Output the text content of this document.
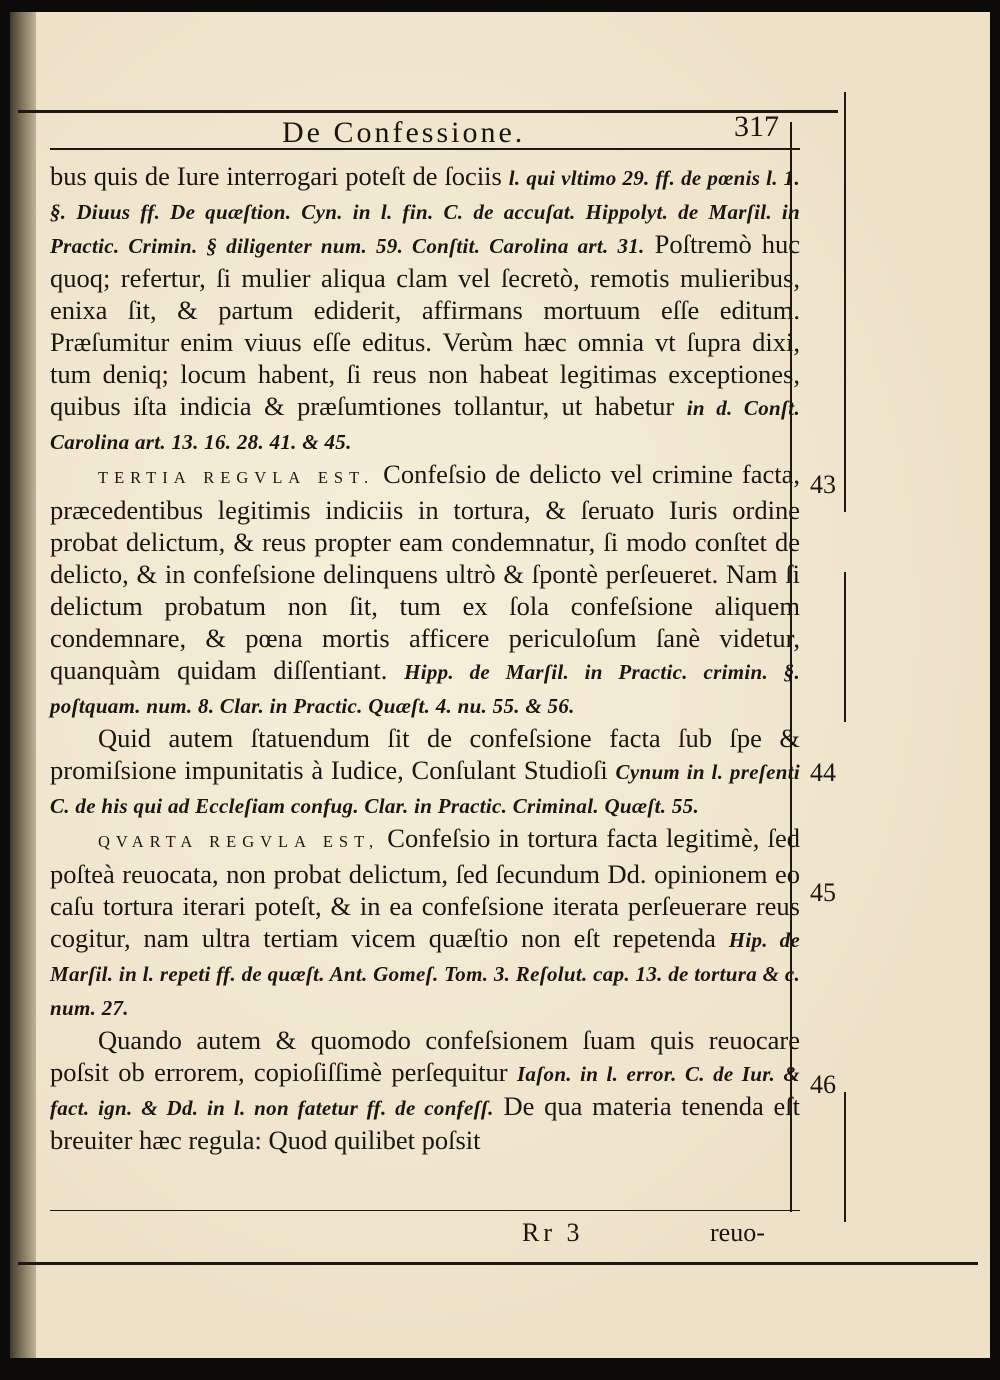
De Confessione.	317

bus quis de Iure interrogari poteſt de ſociis l. qui vltimo 29. ff. de pœnis l. 1. §. Diuus ff. De quæſtion. Cyn. in l. fin. C. de accuſat. Hippolyt. de Marſil. in Practic. Crimin. § diligenter num. 59. Conſtit. Carolina art. 31. Poſtremò huc quoq; refertur, ſi mulier aliqua clam vel ſecretò, remotis mulieribus, enixa ſit, & partum ediderit, affirmans mortuum eſſe editum. Præſumitur enim viuus eſſe editus. Verùm hæc omnia vt ſupra dixi, tum deniq; locum habent, ſi reus non habeat legitimas exceptiones, quibus iſta indicia & præſumtiones tollantur, ut habetur in d. Conſt. Carolina art. 13. 16. 28. 41. & 45.
TERTIA REGVLA EST. Confeſsio de delicto vel crimine facta, præcedentibus legitimis indiciis in tortura, & ſeruato Iuris ordine probat delictum, & reus propter eam condemnatur, ſi modo conſtet de delicto, & in confeſsione delinquens ultrò & ſpontè perſeueret. Nam ſi delictum probatum non ſit, tum ex ſola confeſsione aliquem condemnare, & pœna mortis afficere periculoſum ſanè videtur, quanquàm quidam diſſentiant. Hipp. de Marſil. in Practic. crimin. §. poſtquam. num. 8. Clar. in Practic. Quæſt. 4. nu. 55. & 56.
Quid autem ſtatuendum ſit de confeſsione facta ſub ſpe & promiſsione impunitatis à Iudice, Conſulant Studioſi Cynum in l. preſenti C. de his qui ad Eccleſiam confug. Clar. in Practic. Criminal. Quæſt. 55.
QVARTA REGVLA EST, Confeſsio in tortura facta legitimè, ſed poſteà reuocata, non probat delictum, ſed ſecundum Dd. opinionem eo caſu tortura iterari poteſt, & in ea confeſsione iterata perſeuerare reus cogitur, nam ultra tertiam vicem quæſtio non eſt repetenda Hip. de Marſil. in l. repeti ff. de quæſt. Ant. Gomeſ. Tom. 3. Reſolut. cap. 13. de tortura & c. num. 27.
Quando autem & quomodo confeſsionem ſuam quis reuocare poſsit ob errorem, copioſiſſimè perſequitur Iaſon. in l. error. C. de Iur. & fact. ign. & Dd. in l. non fatetur ff. de confeſſ. De qua materia tenenda eſt breuiter hæc regula: Quod quilibet poſsit

43
44
45
46
Rr 3	reuo-
